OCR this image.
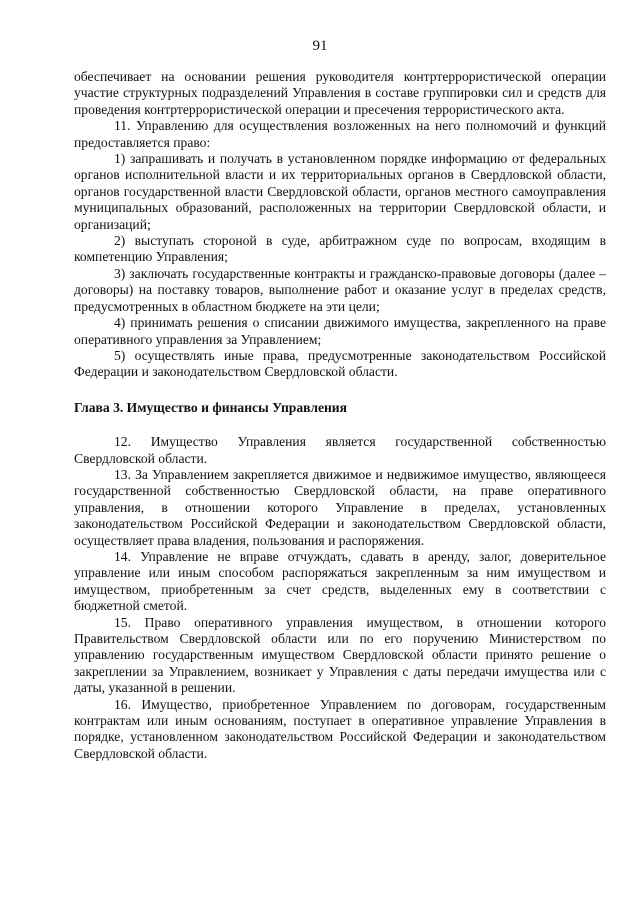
91

обеспечивает на основании решения руководителя контртеррористической операции участие структурных подразделений Управления в составе группировки сил и средств для проведения контртеррористической операции и пресечения террористического акта.

11. Управлению для осуществления возложенных на него полномочий и функций предоставляется право:

1) запрашивать и получать в установленном порядке информацию от федеральных органов исполнительной власти и их территориальных органов в Свердловской области, органов государственной власти Свердловской области, органов местного самоуправления муниципальных образований, расположенных на территории Свердловской области, и организаций;

2) выступать стороной в суде, арбитражном суде по вопросам, входящим в компетенцию Управления;

3) заключать государственные контракты и гражданско-правовые договоры (далее – договоры) на поставку товаров, выполнение работ и оказание услуг в пределах средств, предусмотренных в областном бюджете на эти цели;

4) принимать решения о списании движимого имущества, закрепленного на праве оперативного управления за Управлением;

5) осуществлять иные права, предусмотренные законодательством Российской Федерации и законодательством Свердловской области.

Глава 3. Имущество и финансы Управления

12. Имущество Управления является государственной собственностью Свердловской области.

13. За Управлением закрепляется движимое и недвижимое имущество, являющееся государственной собственностью Свердловской области, на праве оперативного управления, в отношении которого Управление в пределах, установленных законодательством Российской Федерации и законодательством Свердловской области, осуществляет права владения, пользования и распоряжения.

14. Управление не вправе отчуждать, сдавать в аренду, залог, доверительное управление или иным способом распоряжаться закрепленным за ним имуществом и имуществом, приобретенным за счет средств, выделенных ему в соответствии с бюджетной сметой.

15. Право оперативного управления имуществом, в отношении которого Правительством Свердловской области или по его поручению Министерством по управлению государственным имуществом Свердловской области принято решение о закреплении за Управлением, возникает у Управления с даты передачи имущества или с даты, указанной в решении.

16. Имущество, приобретенное Управлением по договорам, государственным контрактам или иным основаниям, поступает в оперативное управление Управления в порядке, установленном законодательством Российской Федерации и законодательством Свердловской области.
